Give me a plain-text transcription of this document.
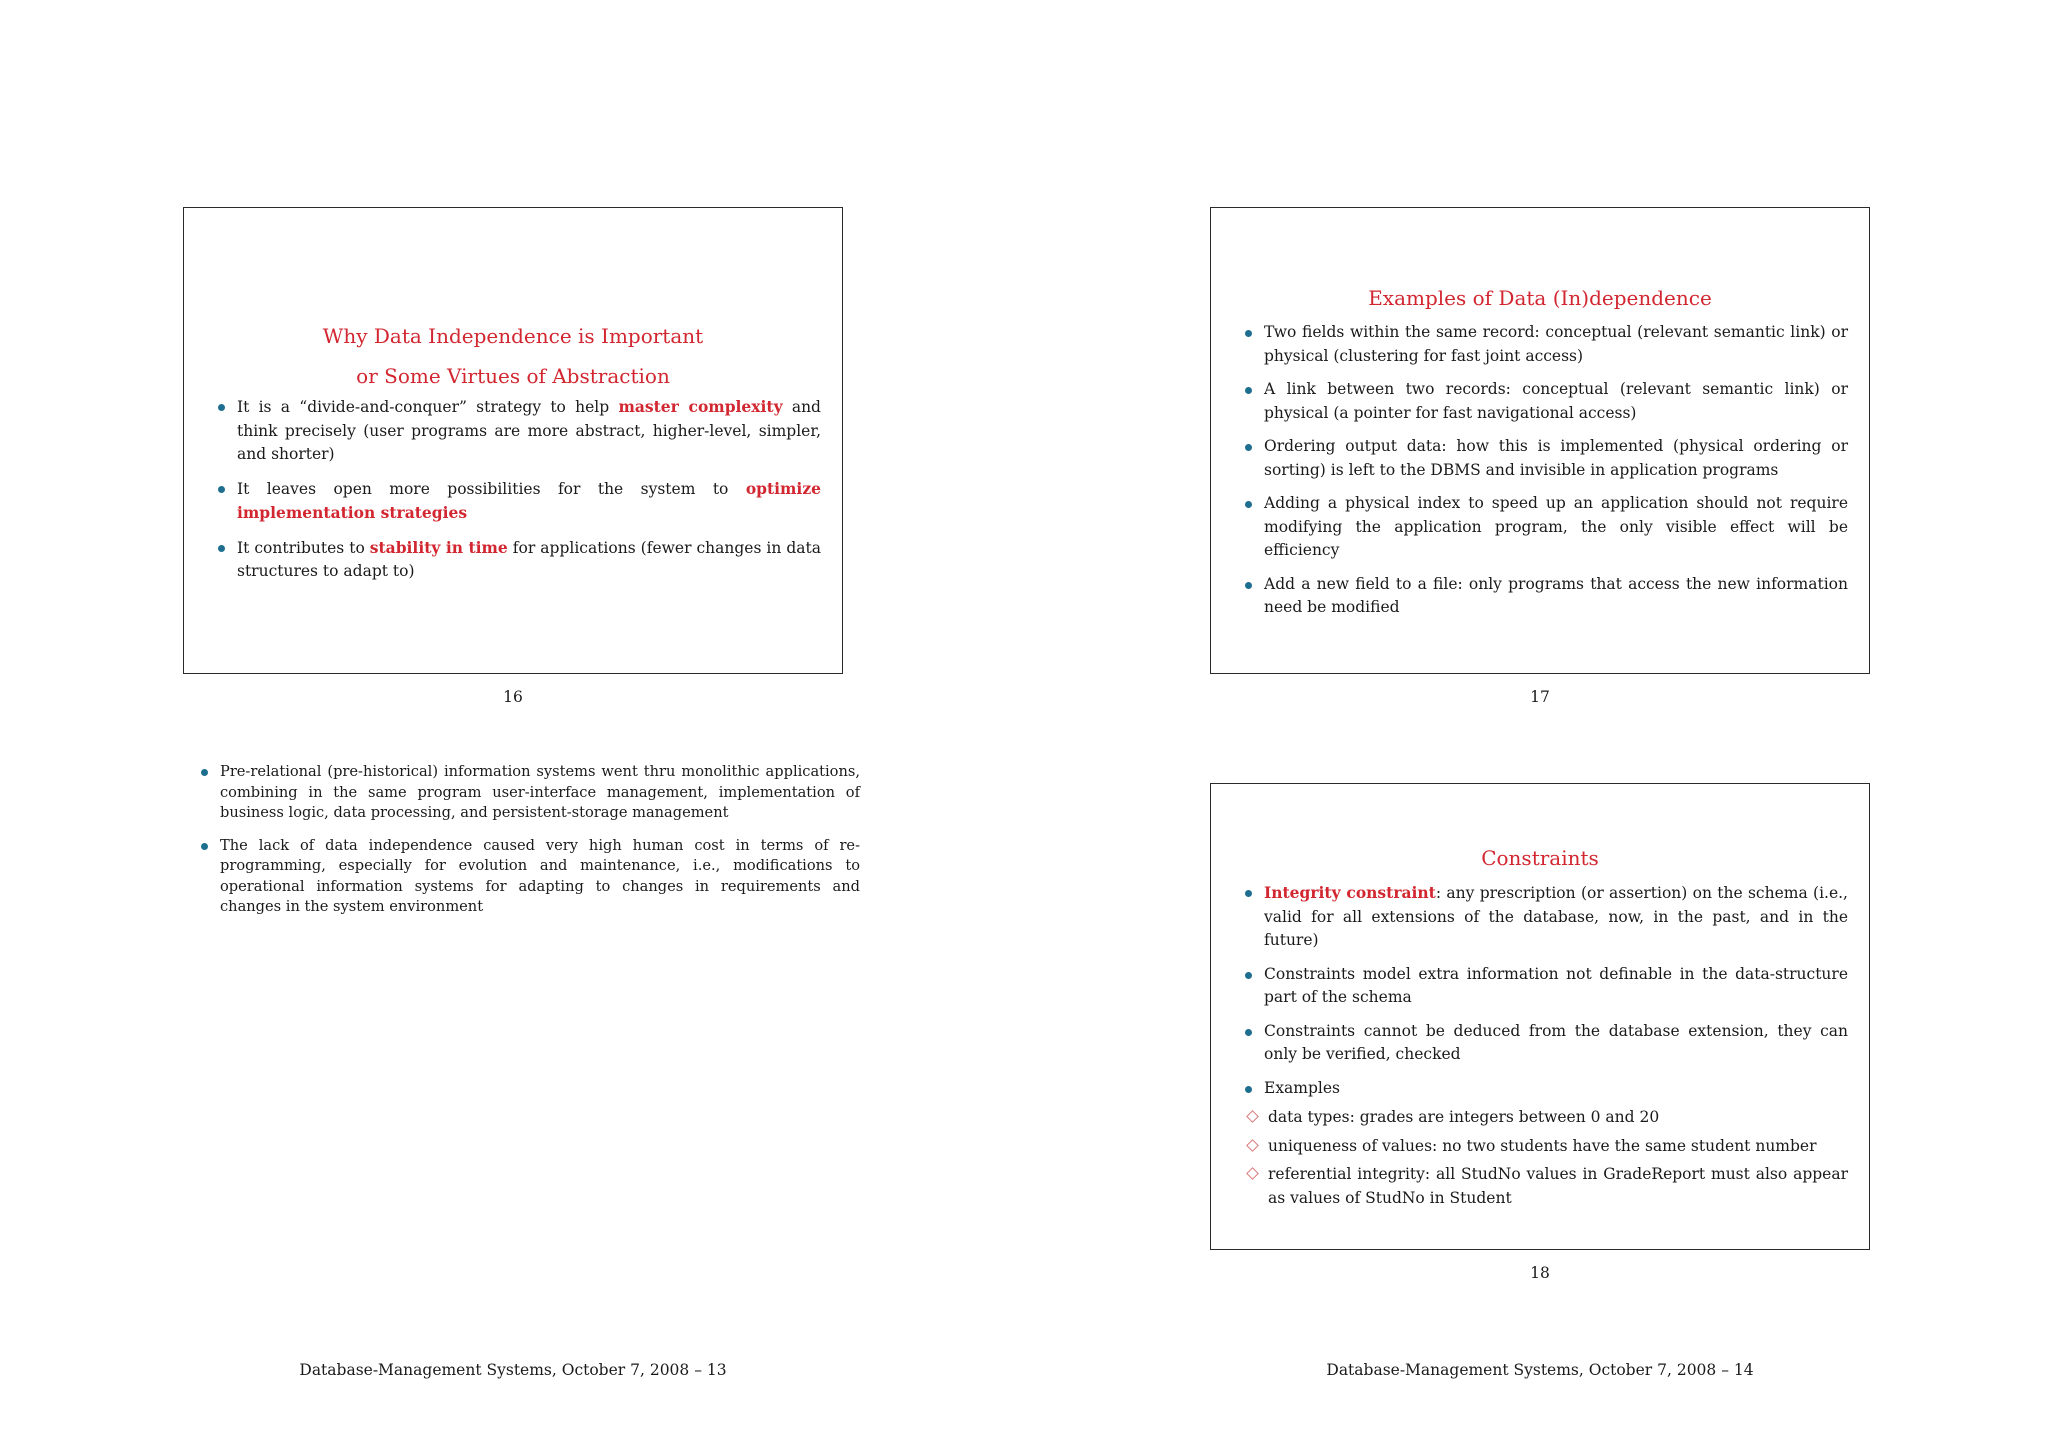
Why Data Independence is Important
or Some Virtues of Abstraction
It is a “divide-and-conquer” strategy to help master complexity and think precisely (user programs are more abstract, higher-level, simpler, and shorter)
It leaves open more possibilities for the system to optimize implementation strategies
It contributes to stability in time for applications (fewer changes in data structures to adapt to)
16
Examples of Data (In)dependence
Two fields within the same record: conceptual (relevant semantic link) or physical (clustering for fast joint access)
A link between two records: conceptual (relevant semantic link) or physical (a pointer for fast navigational access)
Ordering output data: how this is implemented (physical ordering or sorting) is left to the DBMS and invisible in application programs
Adding a physical index to speed up an application should not require modifying the application program, the only visible effect will be efficiency
Add a new field to a file: only programs that access the new information need be modified
17
Pre-relational (pre-historical) information systems went thru monolithic applications, combining in the same program user-interface management, implementation of business logic, data processing, and persistent-storage management
The lack of data independence caused very high human cost in terms of re-programming, especially for evolution and maintenance, i.e., modifications to operational information systems for adapting to changes in requirements and changes in the system environment
Constraints
Integrity constraint: any prescription (or assertion) on the schema (i.e., valid for all extensions of the database, now, in the past, and in the future)
Constraints model extra information not definable in the data-structure part of the schema
Constraints cannot be deduced from the database extension, they can only be verified, checked
Examples
data types: grades are integers between 0 and 20
uniqueness of values: no two students have the same student number
referential integrity: all StudNo values in GradeReport must also appear as values of StudNo in Student
18
Database-Management Systems, October 7, 2008 – 13	Database-Management Systems, October 7, 2008 – 14
